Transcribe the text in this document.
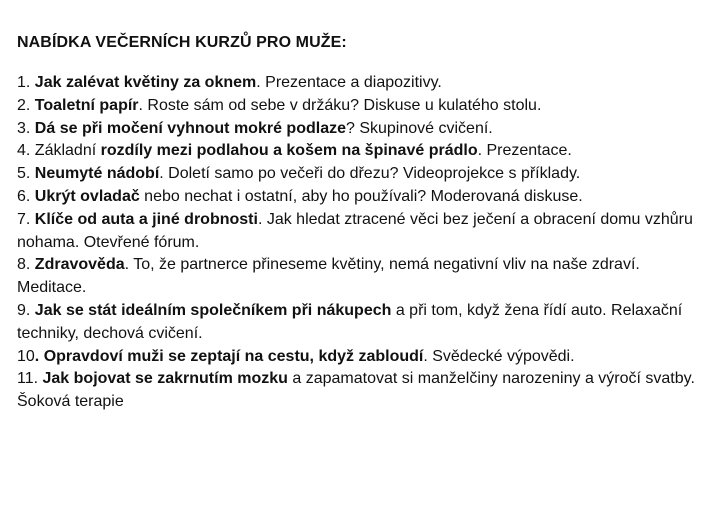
NABÍDKA VEČERNÍCH KURZŮ PRO MUŽE:

1. Jak zalévat květiny za oknem. Prezentace a diapozitivy.

2. Toaletní papír. Roste sám od sebe v držáku? Diskuse u kulatého stolu.

3. Dá se při močení vyhnout mokré podlaze? Skupinové cvičení.

4. Základní rozdíly mezi podlahou a košem na špinavé prádlo. Prezentace.

5. Neumyté nádobí. Doletí samo po večeři do dřezu? Videoprojekce s příklady.

6. Ukrýt ovladač nebo nechat i ostatní, aby ho používali? Moderovaná diskuse.

7. Klíče od auta a jiné drobnosti. Jak hledat ztracené věci bez ječení a obracení domu vzhůru nohama. Otevřené fórum.

8. Zdravověda. To, že partnerce přineseme květiny, nemá negativní vliv na naše zdraví. Meditace.

9. Jak se stát ideálním společníkem při nákupech a při tom, když žena řídí auto. Relaxační techniky, dechová cvičení.

10. Opravdoví muži se zeptají na cestu, když zabloudí. Svědecké výpovědi.

11. Jak bojovat se zakrnutím mozku a zapamatovat si manželčiny narozeniny a výročí svatby. Šoková terapie
